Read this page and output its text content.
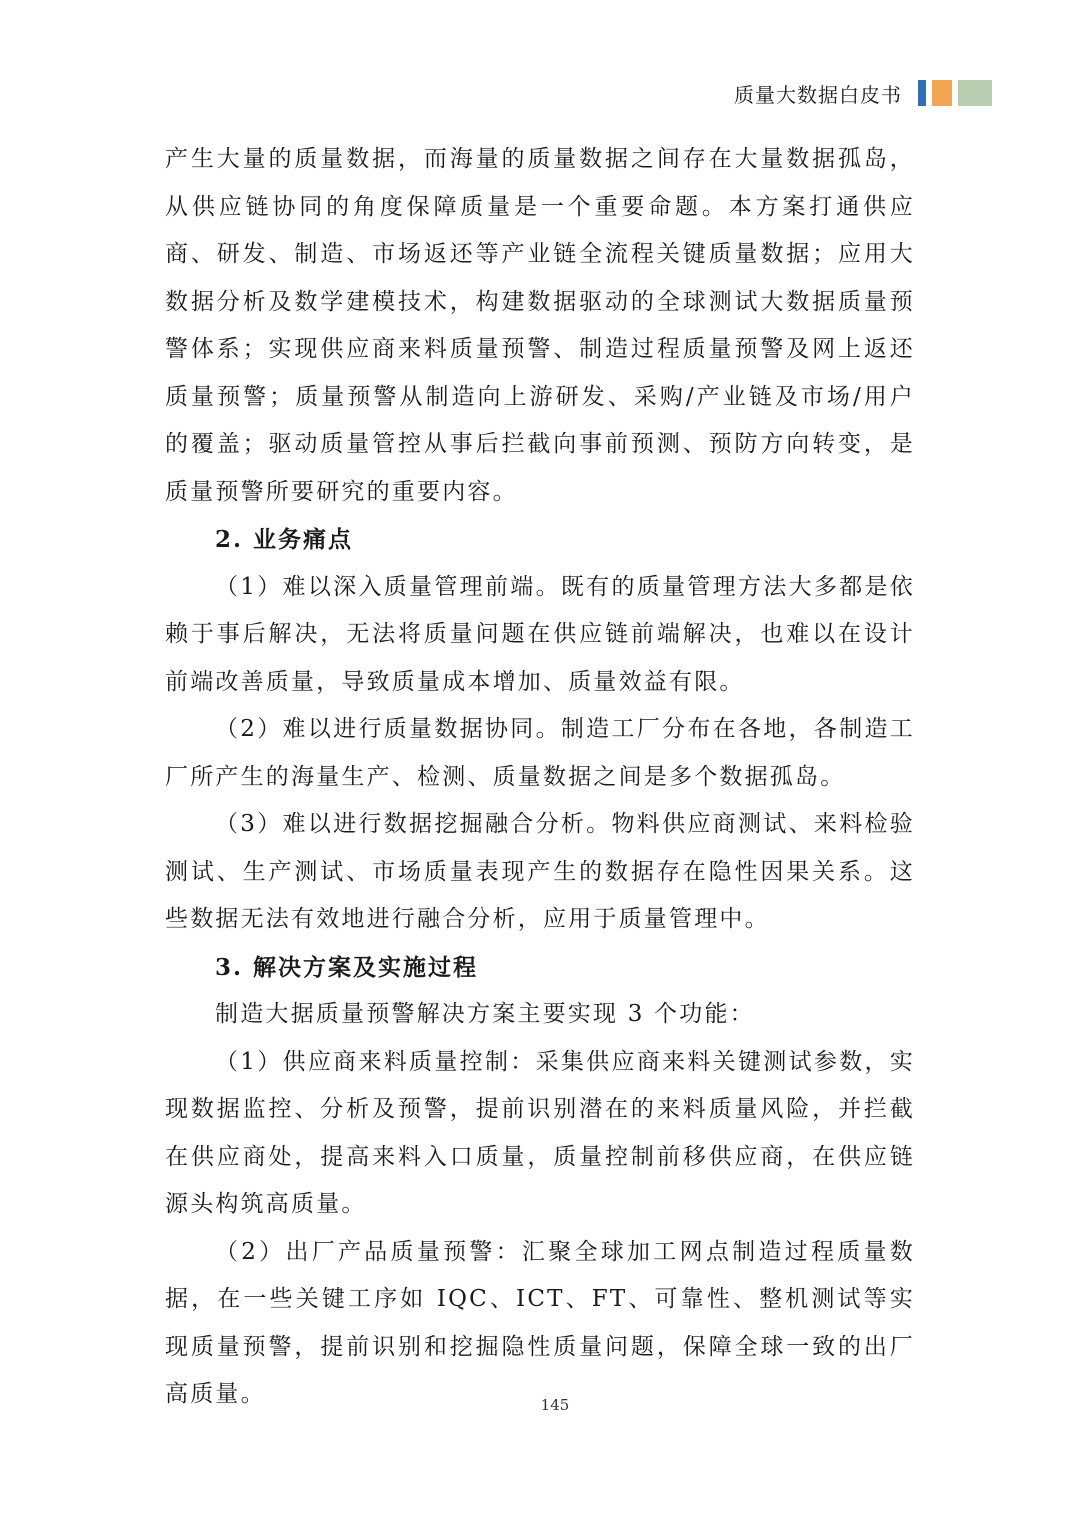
质量大数据白皮书

产生大量的质量数据，而海量的质量数据之间存在大量数据孤岛，从供应链协同的角度保障质量是一个重要命题。本方案打通供应商、研发、制造、市场返还等产业链全流程关键质量数据；应用大数据分析及数学建模技术，构建数据驱动的全球测试大数据质量预警体系；实现供应商来料质量预警、制造过程质量预警及网上返还质量预警；质量预警从制造向上游研发、采购/产业链及市场/用户的覆盖；驱动质量管控从事后拦截向事前预测、预防方向转变，是质量预警所要研究的重要内容。

2. 业务痛点

（1）难以深入质量管理前端。既有的质量管理方法大多都是依赖于事后解决，无法将质量问题在供应链前端解决，也难以在设计前端改善质量，导致质量成本增加、质量效益有限。

（2）难以进行质量数据协同。制造工厂分布在各地，各制造工厂所产生的海量生产、检测、质量数据之间是多个数据孤岛。

（3）难以进行数据挖掘融合分析。物料供应商测试、来料检验测试、生产测试、市场质量表现产生的数据存在隐性因果关系。这些数据无法有效地进行融合分析，应用于质量管理中。

3. 解决方案及实施过程

制造大据质量预警解决方案主要实现 3 个功能：

（1）供应商来料质量控制：采集供应商来料关键测试参数，实现数据监控、分析及预警，提前识别潜在的来料质量风险，并拦截在供应商处，提高来料入口质量，质量控制前移供应商，在供应链源头构筑高质量。

（2）出厂产品质量预警：汇聚全球加工网点制造过程质量数据，在一些关键工序如 IQC、ICT、FT、可靠性、整机测试等实现质量预警，提前识别和挖掘隐性质量问题，保障全球一致的出厂高质量。	145
